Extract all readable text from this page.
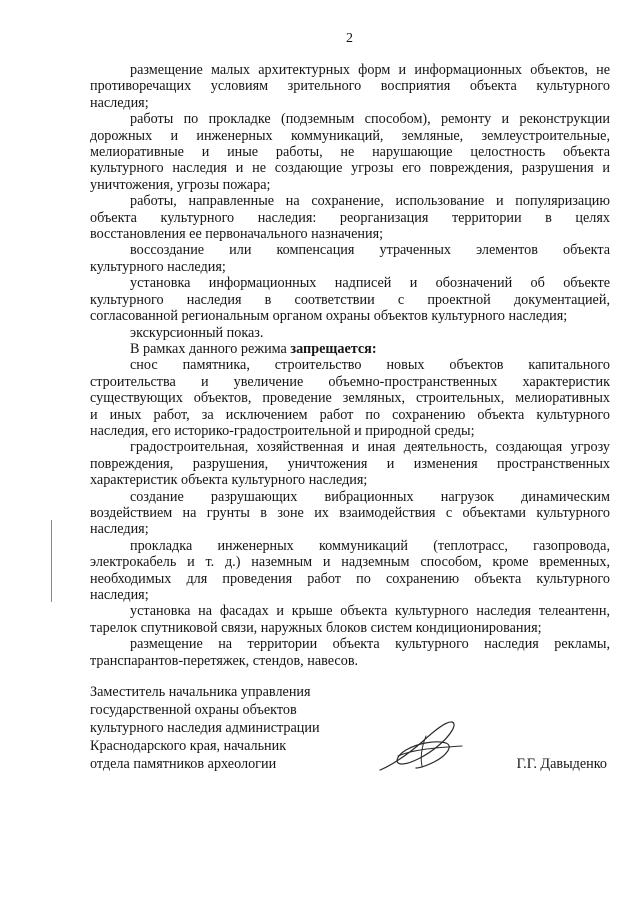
2
размещение малых архитектурных форм и информационных объектов, не
противоречащих условиям зрительного восприятия объекта культурного
наследия;
работы по прокладке (подземным способом), ремонту и реконструкции
дорожных и инженерных коммуникаций, земляные, землеустроительные,
мелиоративные и иные работы, не нарушающие целостность объекта
культурного наследия и не создающие угрозы его повреждения, разрушения и
уничтожения, угрозы пожара;
работы, направленные на сохранение, использование и популяризацию
объекта культурного наследия: реорганизация территории в целях
восстановления ее первоначального назначения;
воссоздание или компенсация утраченных элементов объекта
культурного наследия;
установка информационных надписей и обозначений об объекте
культурного наследия в соответствии с проектной документацией,
согласованной региональным органом охраны объектов культурного наследия;
экскурсионный показ.
В рамках данного режима запрещается:
снос памятника, строительство новых объектов капитального
строительства и увеличение объемно-пространственных характеристик
существующих объектов, проведение земляных, строительных, мелиоративных
и иных работ, за исключением работ по сохранению объекта культурного
наследия, его историко-градостроительной и природной среды;
градостроительная, хозяйственная и иная деятельность, создающая угрозу
повреждения, разрушения, уничтожения и изменения пространственных
характеристик объекта культурного наследия;
создание разрушающих вибрационных нагрузок динамическим
воздействием на грунты в зоне их взаимодействия с объектами культурного
наследия;
прокладка инженерных коммуникаций (теплотрасс, газопровода,
электрокабель и т. д.) наземным и надземным способом, кроме временных,
необходимых для проведения работ по сохранению объекта культурного
наследия;
установка на фасадах и крыше объекта культурного наследия телеантенн,
тарелок спутниковой связи, наружных блоков систем кондиционирования;
размещение на территории объекта культурного наследия рекламы,
транспарантов-перетяжек, стендов, навесов.
Заместитель начальника управления
государственной охраны объектов
культурного наследия администрации
Краснодарского края, начальник
отдела памятников археологии	Г.Г. Давыденко
